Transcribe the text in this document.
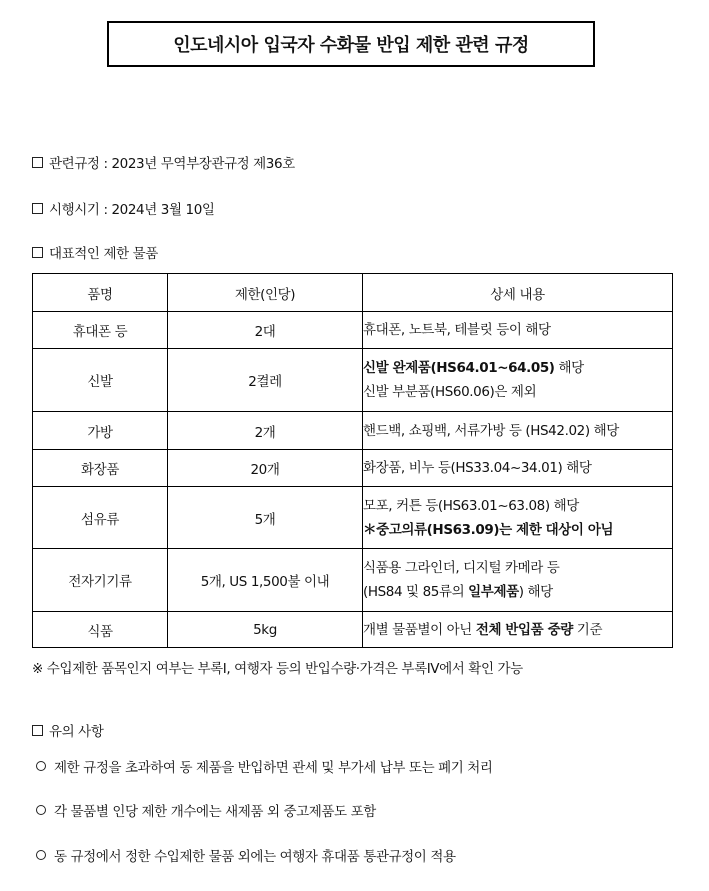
인도네시아 입국자 수화물 반입 제한 관련 규정
관련규정 : 2023년 무역부장관규정 제36호
시행시기 : 2024년 3월 10일
대표적인 제한 물품
품명	제한(인당)	상세 내용
휴대폰 등	2대	휴대폰, 노트북, 테블릿 등이 해당
신발	2켤레	신발 완제품(HS64.01~64.05) 해당
신발 부분품(HS60.06)은 제외

가방	2개	핸드백, 쇼핑백, 서류가방 등 (HS42.02) 해당
화장품	20개	화장품, 비누 등(HS33.04~34.01) 해당
섬유류	5개	모포, 커튼 등(HS63.01~63.08) 해당
＊중고의류(HS63.09)는 제한 대상이 아님

전자기기류	5개, US 1,500불 이내	식품용 그라인더, 디지털 카메라 등
(HS84 및 85류의 일부제품) 해당

식품	5kg	개별 물품별이 아닌 전체 반입품 중량 기준
※ 수입제한 품목인지 여부는 부록I, 여행자 등의 반입수량·가격은 부록IV에서 확인 가능
유의 사항
제한 규정을 초과하여 동 제품을 반입하면 관세 및 부가세 납부 또는 폐기 처리
각 물품별 인당 제한 개수에는 새제품 외 중고제품도 포함
동 규정에서 정한 수입제한 물품 외에는 여행자 휴대품 통관규정이 적용
